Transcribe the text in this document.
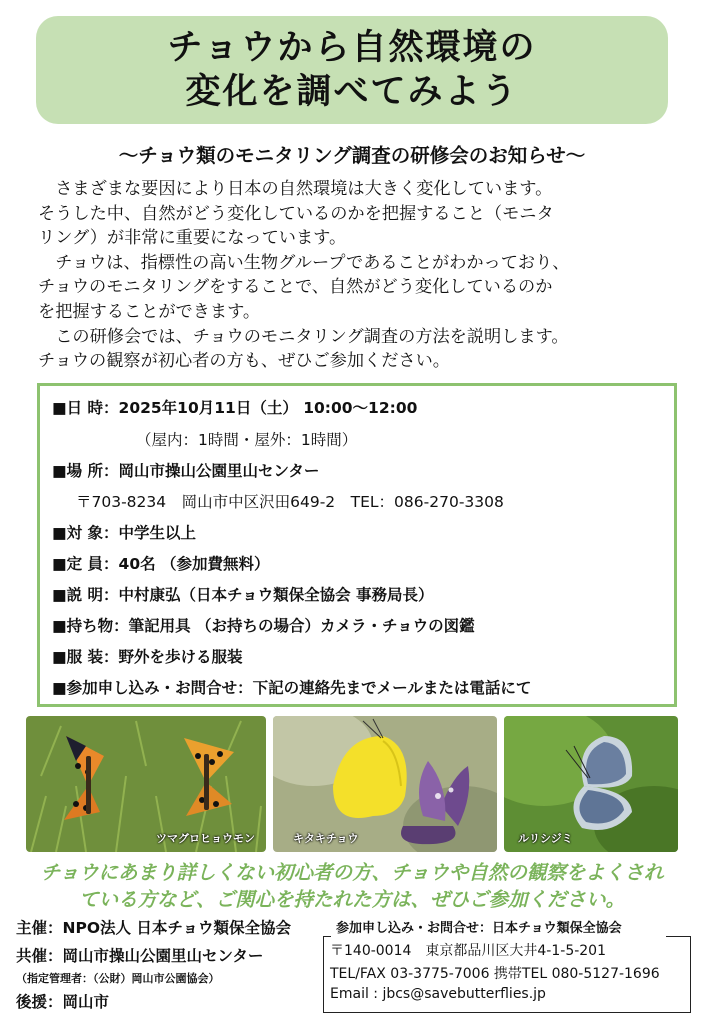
チョウから自然環境の
変化を調べてみよう
～チョウ類のモニタリング調査の研修会のお知らせ～
　さまざまな要因により日本の自然環境は大きく変化しています。
そうした中、自然がどう変化しているのかを把握すること（モニタ
リング）が非常に重要になっています。
　チョウは、指標性の高い生物グループであることがわかっており、
チョウのモニタリングをすることで、自然がどう変化しているのか
を把握することができます。
　この研修会では、チョウのモニタリング調査の方法を説明します。
チョウの観察が初心者の方も、ぜひご参加ください。
■日 時：2025年10月11日（土） 10:00～12:00
（屋内：1時間・屋外：1時間）
■場 所：岡山市操山公園里山センター
〒703-8234　岡山市中区沢田649-2　TEL：086-270-3308
■対 象：中学生以上
■定 員：40名 （参加費無料）
■説 明：中村康弘（日本チョウ類保全協会 事務局長）
■持ち物：筆記用具 （お持ちの場合）カメラ・チョウの図鑑
■服 装：野外を歩ける服装
■参加申し込み・お問合せ：下記の連絡先までメールまたは電話にて
ツマグロヒョウモン	キタキチョウ	ルリシジミ
チョウにあまり詳しくない初心者の方、チョウや自然の観察をよくされ
ている方など、ご関心を持たれた方は、ぜひご参加ください。
主催：NPO法人 日本チョウ類保全協会
共催：岡山市操山公園里山センター
（指定管理者：（公財）岡山市公園協会）
後援：岡山市
参加申し込み・お問合せ：日本チョウ類保全協会
〒140-0014　東京都品川区大井4-1-5-201
TEL/FAX 03-3775-7006 携帯TEL 080-5127-1696
Email : jbcs@savebutterflies.jp
